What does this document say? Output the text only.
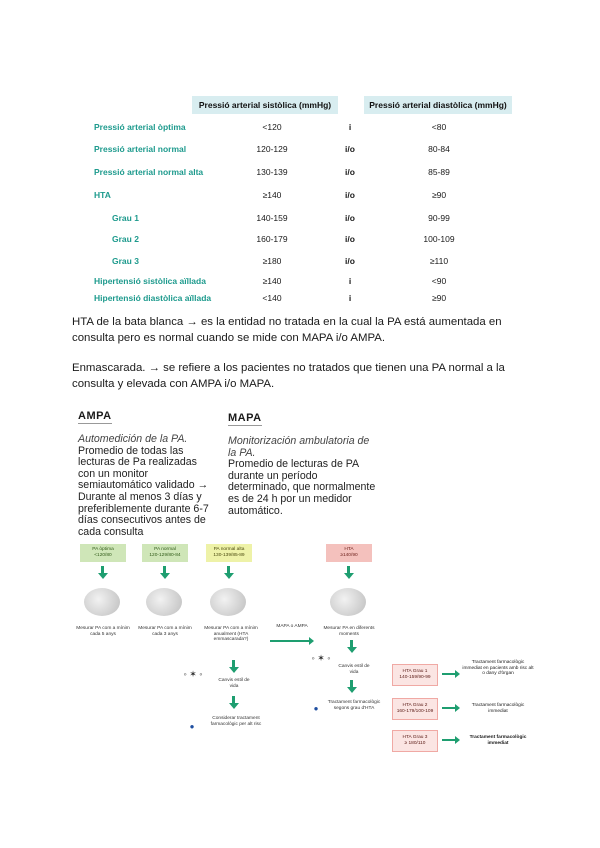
Pressió arterial sistòlica (mmHg)	Pressió arterial diastòlica (mmHg)
Pressió arterial òptima	<120	i	<80
Pressió arterial normal	120-129	i/o	80-84
Pressió arterial normal alta	130-139	i/o	85-89
HTA	≥140	i/o	≥90
Grau 1	140-159	i/o	90-99
Grau 2	160-179	i/o	100-109
Grau 3	≥180	i/o	≥110
Hipertensió sistòlica aïllada	≥140	i	<90
Hipertensió diastòlica aïllada	<140	i	≥90

HTA de la bata blanca → es la entidad no tratada en la cual la PA está aumentada en consulta pero es normal cuando se mide con MAPA i/o AMPA.

Enmascarada. → se refiere a los pacientes no tratados que tienen una PA normal a la consulta y elevada con AMPA i/o MAPA.

AMPA
Automedición de la PA.
Promedio de todas las lecturas de Pa realizadas con un monitor semiautomático validado → Durante al menos 3 días y preferiblemente durante 6-7 días consecutivos antes de cada consulta
MAPA
Monitorización ambulatoria de la PA.
Promedio de lecturas de PA durante un período determinado, que normalmente es de 24 h por un medidor automático.
PA òptima
<120/80
PA normal
120-129/80-84
PA normal alta
130-139/85-89
HTA
≥140/90
Mesurar PA com a mínim cada 5 anys
Mesurar PA com a mínim cada 3 anys
Mesurar PA com a mínim anualment (HTA emmascarada?)
Mesurar PA en diferents moments
MAPA o AMPA
Canvis estil de vida
◦ ✶ ◦
Considerar tractament farmacològic per alt risc
●
◦ ✶ ◦
Canvis estil de vida
Tractament farmacològic segons grau d'HTA
●
HTA Grau 1
140-159/90-99
Tractament farmacològic immediat en pacients amb risc alt o dany d'òrgan
HTA Grau 2
160-179/100-109
Tractament farmacològic immediat
HTA Grau 3
≥ 180/110
Tractament farmacològic immediat
